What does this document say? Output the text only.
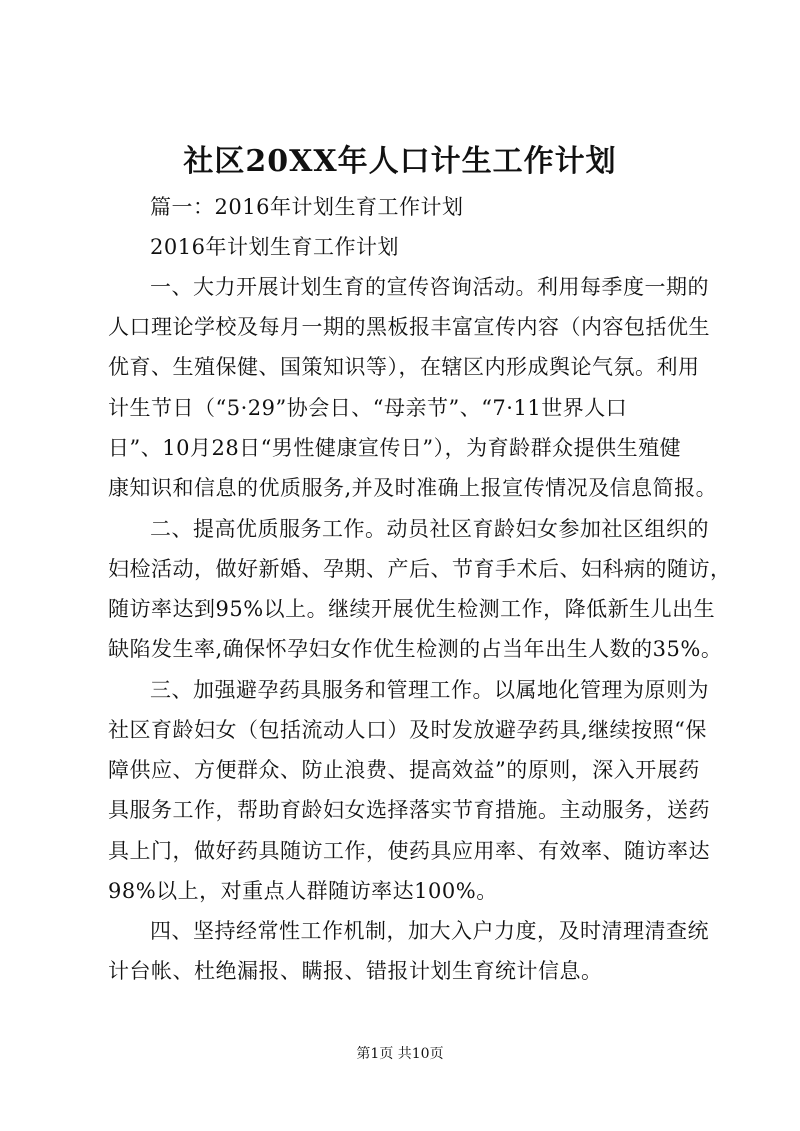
社区20XX年人口计生工作计划
篇一：2016年计划生育工作计划
2016年计划生育工作计划
一、大力开展计划生育的宣传咨询活动。利用每季度一期的
人口理论学校及每月一期的黑板报丰富宣传内容（内容包括优生
优育、生殖保健、国策知识等），在辖区内形成舆论气氛。利用
计生节日（“5·29”协会日、“母亲节”、“7·11世界人口
日”、10月28日“男性健康宣传日”），为育龄群众提供生殖健
康知识和信息的优质服务,并及时准确上报宣传情况及信息简报。
二、提高优质服务工作。动员社区育龄妇女参加社区组织的
妇检活动，做好新婚、孕期、产后、节育手术后、妇科病的随访，
随访率达到95%以上。继续开展优生检测工作，降低新生儿出生
缺陷发生率,确保怀孕妇女作优生检测的占当年出生人数的35%。
三、加强避孕药具服务和管理工作。以属地化管理为原则为
社区育龄妇女（包括流动人口）及时发放避孕药具,继续按照“保
障供应、方便群众、防止浪费、提高效益”的原则，深入开展药
具服务工作，帮助育龄妇女选择落实节育措施。主动服务，送药
具上门，做好药具随访工作，使药具应用率、有效率、随访率达
98%以上，对重点人群随访率达100%。
四、坚持经常性工作机制，加大入户力度，及时清理清查统
计台帐、杜绝漏报、瞒报、错报计划生育统计信息。
第1页 共10页
